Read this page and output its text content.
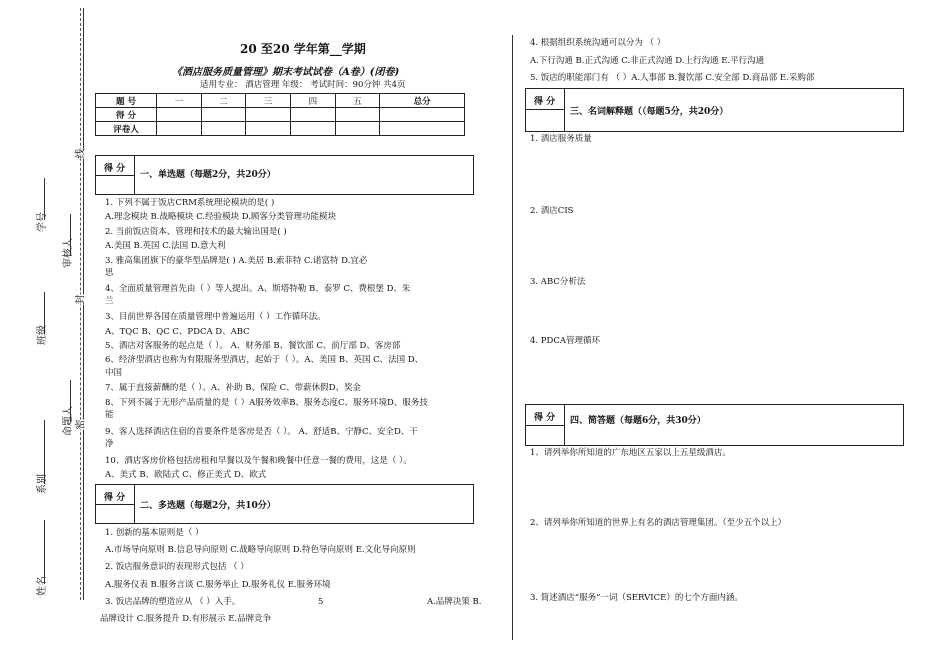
线
封
密
学号
班级
系别
姓名
审核人
命题人
20 至20 学年第__学期
《酒店服务质量管理》期末考试试卷（A卷）(闭卷)
适用专业： 酒店管理 年级： 考试时间：90分钟 共4页
题 号	一	二	三	四	五	总分
得 分						
评卷人						
得 分
一、单选题（每题2分，共20分）
1. 下列不属于饭店CRM系统理论模块的是( )
A.理念模块 B.战略模块 C.经验模块 D.顾客分类管理功能模块
2. 当前饭店资本、管理和技术的最大输出国是( )
A.美国 B.英国 C.法国 D.意大利
3. 雅高集团旗下的豪华型品牌是( ) A.美居 B.索菲特 C.诺富特 D.宜必
思
4、全面质量管理首先由（ ）等人提出。A、斯塔特勒 B、泰罗 C、费根堡 D、朱
兰
3、目前世界各国在质量管理中普遍运用（ ）工作循环法。
A、TQC B、QC C、PDCA D、ABC
5、酒店对客服务的起点是（ ）。 A、财务部 B、餐饮部 C、前厅部 D、客房部
6、经济型酒店也称为有限服务型酒店，起始于（ ）。A、美国 B、英国 C、法国 D、
中国
7、属于直接薪酬的是（ ）。A、补助 B、保险 C、带薪休假D、奖金
8、下列不属于无形产品质量的是（ ）A服务效率B、服务态度C、服务环境D、服务技
能
9、客人选择酒店住宿的首要条件是客房是否（ ）。 A、舒适B、宁静C、安全D、干
净
10、酒店客房价格包括房租和早餐以及午餐和晚餐中任意一餐的费用，这是（ ）。
A、美式 B、欧陆式 C、修正美式 D、欧式
得 分
二、多选题（每题2分，共10分）
1. 创新的基本原则是（ ）
A.市场导向原则 B.信息导向原则 C.战略导向原则 D.特色导向原则 E.文化导向原则
2. 饭店服务意识的表现形式包括 （ ）
A.服务仪表 B.服务言谈 C.服务举止 D.服务礼仪 E.服务环境
3. 饭店品牌的塑造应从 （ ）入手。	5	A.品牌决策 B.
品牌设计 C.服务提升 D.有形展示 E.品牌竞争
4. 根据组织系统沟通可以分为 （ ）
A.下行沟通 B.正式沟通 C.非正式沟通 D.上行沟通 E.平行沟通
5. 饭店的职能部门有 （ ）A.人事部 B.餐饮部 C.安全部 D.商品部 E.采购部
得 分
三、名词解释题（（每题5分，共20分）
1. 酒店服务质量
2. 酒店CIS
3. ABC分析法
4. PDCA管理循环
得 分 四、简答题（每题6分，共30分）
1、请列举你所知道的广东地区五家以上五星级酒店。
2、请列举你所知道的世界上有名的酒店管理集团。（至少五个以上）
3. 简述酒店“服务”一词（SERVICE）的七个方面内涵。
